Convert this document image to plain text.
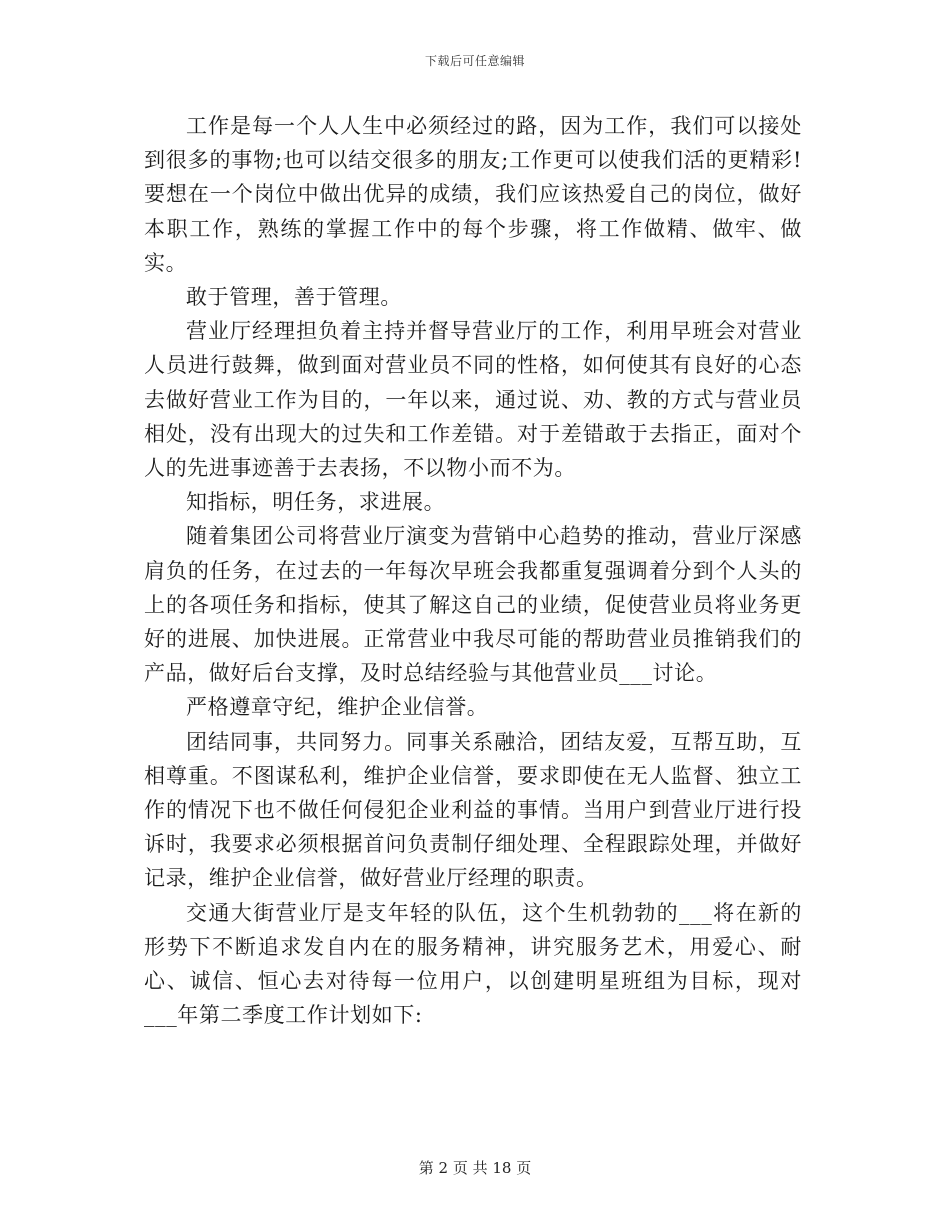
下载后可任意编辑

工作是每一个人人生中必须经过的路，因为工作，我们可以接处到很多的事物;也可以结交很多的朋友;工作更可以使我们活的更精彩!要想在一个岗位中做出优异的成绩，我们应该热爱自己的岗位，做好本职工作，熟练的掌握工作中的每个步骤，将工作做精、做牢、做实。

敢于管理，善于管理。

营业厅经理担负着主持并督导营业厅的工作，利用早班会对营业人员进行鼓舞，做到面对营业员不同的性格，如何使其有良好的心态去做好营业工作为目的，一年以来，通过说、劝、教的方式与营业员相处，没有出现大的过失和工作差错。对于差错敢于去指正，面对个人的先进事迹善于去表扬，不以物小而不为。

知指标，明任务，求进展。

随着集团公司将营业厅演变为营销中心趋势的推动，营业厅深感肩负的任务，在过去的一年每次早班会我都重复强调着分到个人头的上的各项任务和指标，使其了解这自己的业绩，促使营业员将业务更好的进展、加快进展。正常营业中我尽可能的帮助营业员推销我们的产品，做好后台支撑，及时总结经验与其他营业员___讨论。

严格遵章守纪，维护企业信誉。

团结同事，共同努力。同事关系融洽，团结友爱，互帮互助，互相尊重。不图谋私利，维护企业信誉，要求即使在无人监督、独立工作的情况下也不做任何侵犯企业利益的事情。当用户到营业厅进行投诉时，我要求必须根据首问负责制仔细处理、全程跟踪处理，并做好记录，维护企业信誉，做好营业厅经理的职责。

交通大街营业厅是支年轻的队伍，这个生机勃勃的___将在新的形势下不断追求发自内在的服务精神，讲究服务艺术，用爱心、耐心、诚信、恒心去对待每一位用户，以创建明星班组为目标，现对___年第二季度工作计划如下:

第 2 页 共 18 页
